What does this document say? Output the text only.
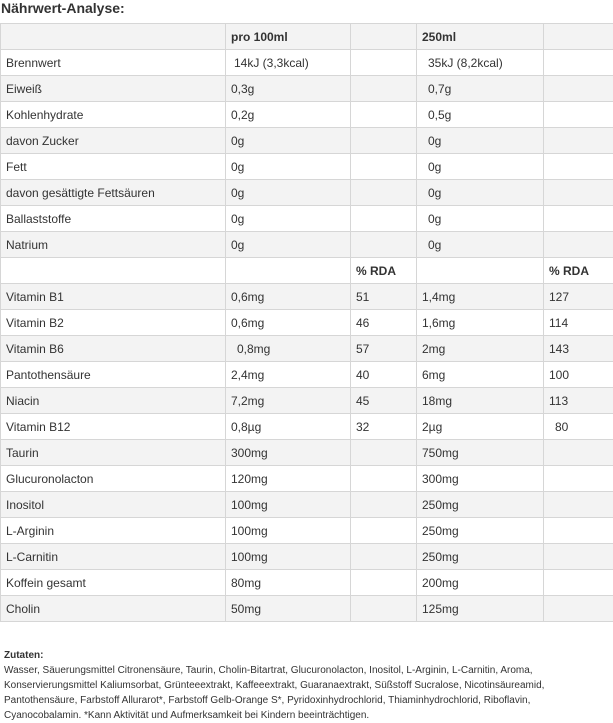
Nährwert-Analyse:
	pro 100ml		250ml	
Brennwert	14kJ (3,3kcal)		35kJ (8,2kcal)	
Eiweiß	0,3g		0,7g	
Kohlenhydrate	0,2g		0,5g	
davon Zucker	0g		0g	
Fett	0g		0g	
davon gesättigte Fettsäuren	0g		0g	
Ballaststoffe	0g		0g	
Natrium	0g		0g	
		% RDA		% RDA
Vitamin B1	0,6mg	51	1,4mg	127
Vitamin B2	0,6mg	46	1,6mg	114
Vitamin B6	0,8mg	57	2mg	143
Pantothensäure	2,4mg	40	6mg	100
Niacin	7,2mg	45	18mg	113
Vitamin B12	0,8µg	32	2µg	80
Taurin	300mg		750mg	
Glucuronolacton	120mg		300mg	
Inositol	100mg		250mg	
L-Arginin	100mg		250mg	
L-Carnitin	100mg		250mg	
Koffein gesamt	80mg		200mg	
Cholin	50mg		125mg	
Zutaten:
Wasser, Säuerungsmittel Citronensäure, Taurin, Cholin-Bitartrat, Glucuronolacton, Inositol, L-Arginin, L-Carnitin, Aroma, Konservierungsmittel Kaliumsorbat, Grünteeextrakt, Kaffeeextrakt, Guaranaextrakt, Süßstoff Sucralose, Nicotinsäureamid, Pantothensäure, Farbstoff Allurarot*, Farbstoff Gelb-Orange S*, Pyridoxinhydrochlorid, Thiaminhydrochlorid, Riboflavin, Cyanocobalamin. *Kann Aktivität und Aufmerksamkeit bei Kindern beeinträchtigen.
